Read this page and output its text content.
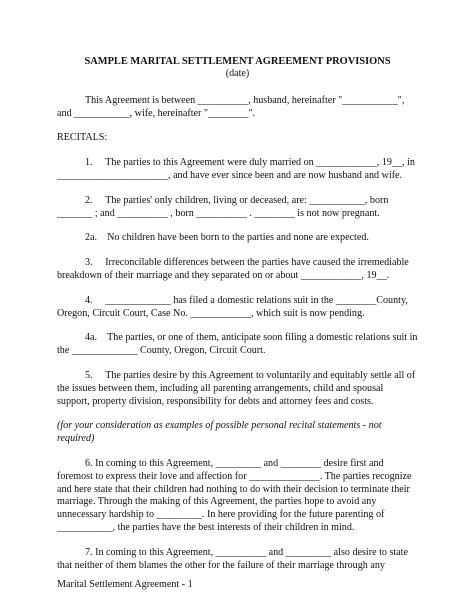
SAMPLE MARITAL SETTLEMENT AGREEMENT PROVISIONS
(date)

This Agreement is between __________, husband, hereinafter "___________", and ___________, wife, hereinafter "________".

RECITALS:

1.     The parties to this Agreement were duly married on ____________, 19__, in ______________________, and have ever since been and are now husband and wife.

2.     The parties' only children, living or deceased, are: ___________, born _______ ; and __________ , born __________ . ________ is not now pregnant.

2a.    No children have been born to the parties and none are expected.

3.     Irreconcilable differences between the parties have caused the irremediable breakdown of their marriage and they separated on or about ____________, 19__.

4.     _____________ has filed a domestic relations suit in the ________County, Oregon, Circuit Court, Case No. ____________, which suit is now pending.

4a.    The parties, or one of them, anticipate soon filing a domestic relations suit in the _____________ County, Oregon, Circuit Court.

5.     The parties desire by this Agreement to voluntarily and equitably settle all of the issues between them, including all parenting arrangements, child and spousal support, property division, responsibility for debts and attorney fees and costs.

(for your consideration as examples of possible personal recital statements - not required)

6. In coming to this Agreement, _________ and ________ desire first and foremost to express their love and affection for ______________. The parties recognize and here state that their children had nothing to do with their decision to terminate their marriage. Through the making of this Agreement, the parties hope to avoid any unnecessary hardship to _________. In here providing for the future parenting of ___________, the parties have the best interests of their children in mind.

7. In coming to this Agreement, __________ and _________ also desire to state that neither of them blames the other for the failure of their marriage through any

Marital Settlement Agreement - 1
